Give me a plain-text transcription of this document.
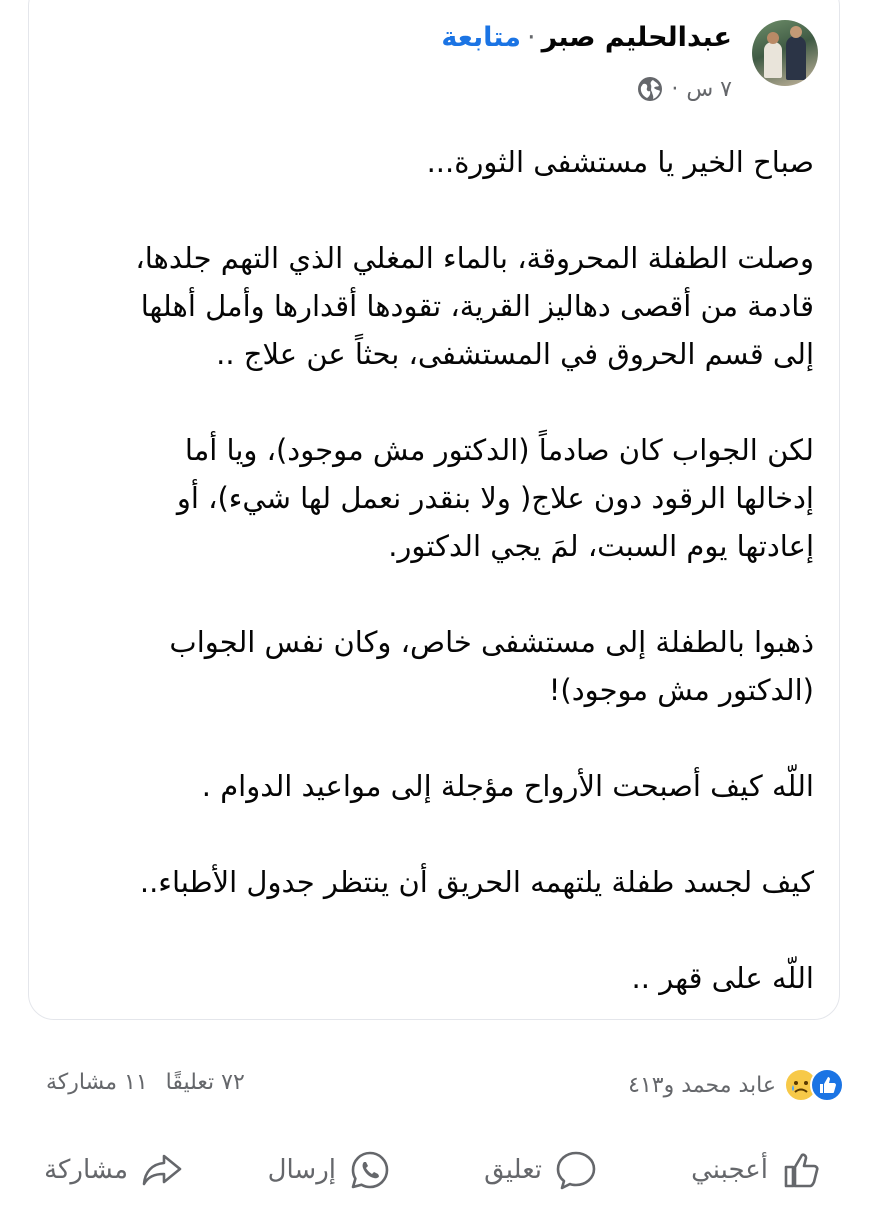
عبدالحليم صبر·متابعة
٧ س
·

صباح الخير يا مستشفى الثورة...

وصلت الطفلة المحروقة، بالماء المغلي الذي التهم جلدها،
قادمة من أقصى دهاليز القرية، تقودها أقدارها وأمل أهلها
إلى قسم الحروق في المستشفى، بحثاً عن علاج ..

لكن الجواب كان صادماً (الدكتور مش موجود)، ويا أما
إدخالها الرقود دون علاج( ولا بنقدر نعمل لها شيء)، أو
إعادتها يوم السبت، لمَ يجي الدكتور.

ذهبوا بالطفلة إلى مستشفى خاص، وكان نفس الجواب
(الدكتور مش موجود)!

اللّه كيف أصبحت الأرواح مؤجلة إلى مواعيد الدوام .

كيف لجسد طفلة يلتهمه الحريق أن ينتظر جدول الأطباء..

اللّه على قهر ..

عابد محمد و٤١٣
٧٢ تعليقًا١١ مشاركة
أعجبني
تعليق
إرسال
مشاركة
